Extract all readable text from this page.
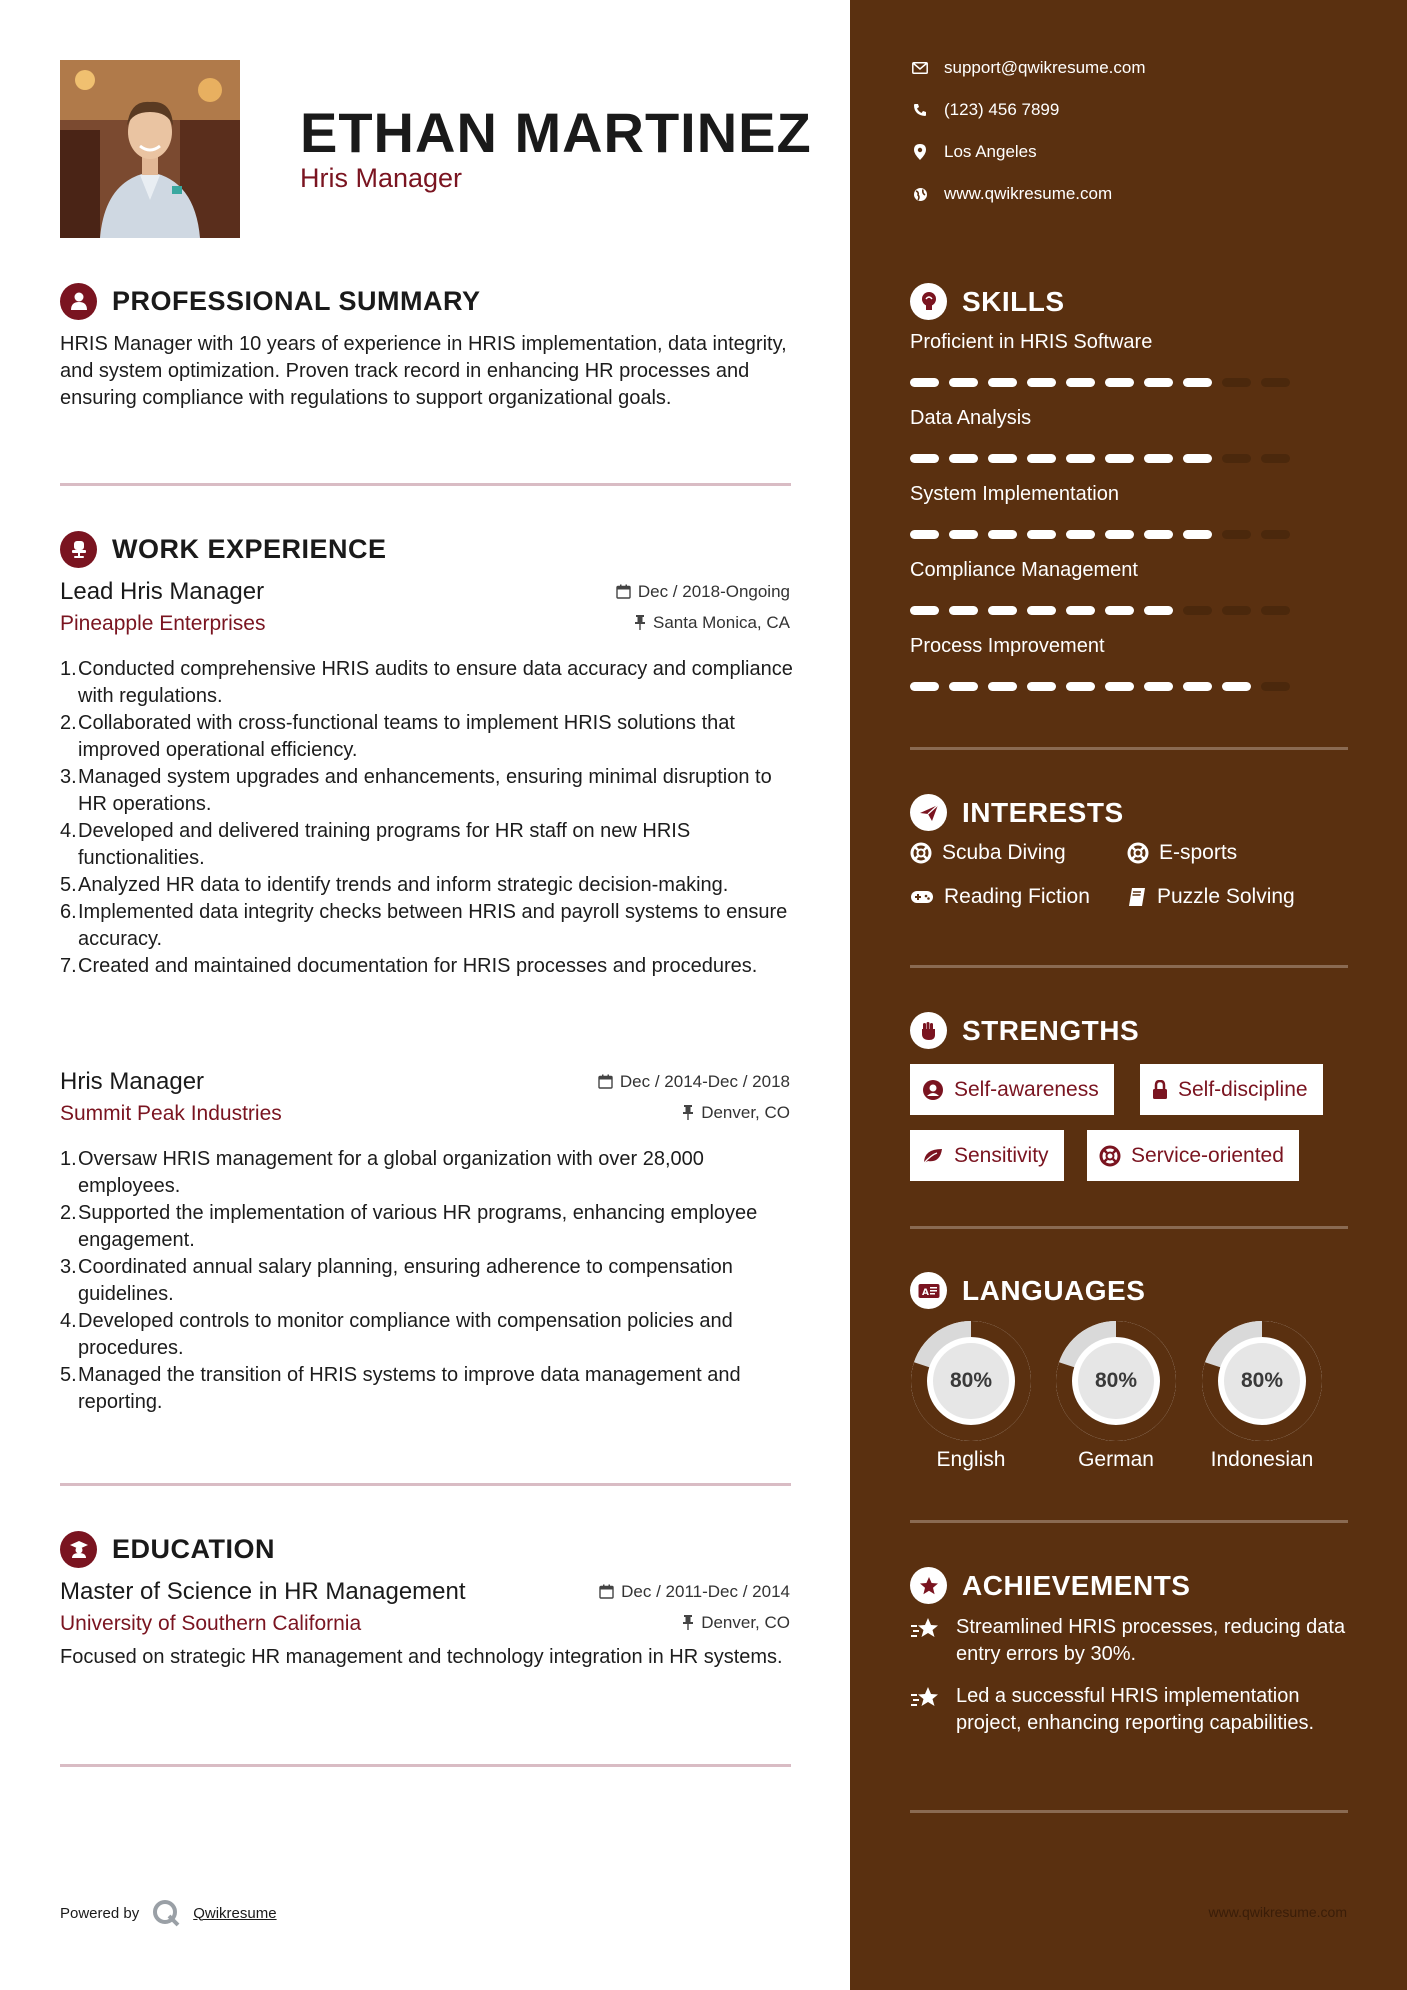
ETHAN MARTINEZ
Hris Manager
PROFESSIONAL SUMMARY
HRIS Manager with 10 years of experience in HRIS implementation, data integrity, and system optimization. Proven track record in enhancing HR processes and ensuring compliance with regulations to support organizational goals.
WORK EXPERIENCE
Lead Hris Manager	Dec / 2018-Ongoing
Pineapple Enterprises	Santa Monica, CA
Conducted comprehensive HRIS audits to ensure data accuracy and compliance with regulations.
Collaborated with cross-functional teams to implement HRIS solutions that improved operational efficiency.
Managed system upgrades and enhancements, ensuring minimal disruption to HR operations.
Developed and delivered training programs for HR staff on new HRIS functionalities.
Analyzed HR data to identify trends and inform strategic decision-making.
Implemented data integrity checks between HRIS and payroll systems to ensure accuracy.
Created and maintained documentation for HRIS processes and procedures.
Hris Manager	Dec / 2014-Dec / 2018
Summit Peak Industries	Denver, CO
Oversaw HRIS management for a global organization with over 28,000 employees.
Supported the implementation of various HR programs, enhancing employee engagement.
Coordinated annual salary planning, ensuring adherence to compensation guidelines.
Developed controls to monitor compliance with compensation policies and procedures.
Managed the transition of HRIS systems to improve data management and reporting.
EDUCATION
Master of Science in HR Management	Dec / 2011-Dec / 2014
University of Southern California	Denver, CO
Focused on strategic HR management and technology integration in HR systems.
Powered by	Qwikresume
support@qwikresume.com
(123) 456 7899
Los Angeles
www.qwikresume.com
SKILLS
Proficient in HRIS Software
Data Analysis
System Implementation
Compliance Management
Process Improvement
INTERESTS
Scuba Diving	E-sports
Reading Fiction	Puzzle Solving
STRENGTHS
Self-awareness	Self-discipline
Sensitivity	Service-oriented
A LANGUAGES
80%
English
80%
German
80%
Indonesian
ACHIEVEMENTS
Streamlined HRIS processes, reducing data entry errors by 30%.
Led a successful HRIS implementation project, enhancing reporting capabilities.
www.qwikresume.com
